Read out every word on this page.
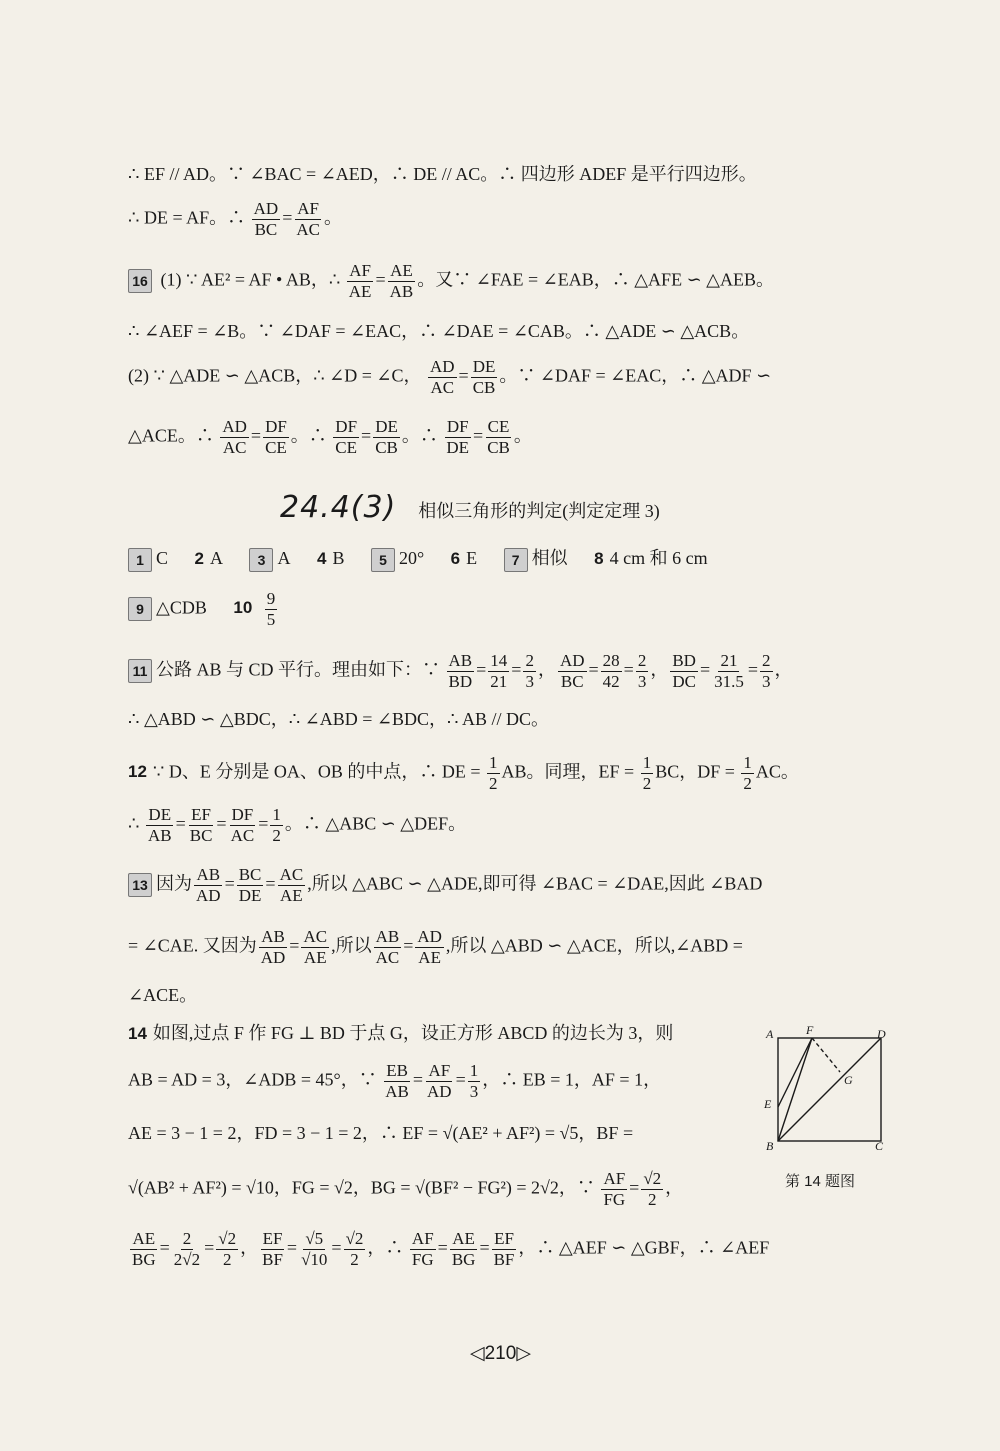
∴ EF // AD。∵ ∠BAC = ∠AED，∴ DE // AC。∴ 四边形 ADEF 是平行四边形。
∴ DE = AF。∴ $\frac{AD}{BC} = \frac{AF}{AC}$ 。
16 (1) ∵ AE² = AF • AB，∴ $\frac{AF}{AE} = \frac{AE}{AB}$ 。又∵ ∠FAE = ∠EAB，∴ △AFE ∽ △AEB。
∴ ∠AEF = ∠B。∵ ∠DAF = ∠EAC，∴ ∠DAE = ∠CAB。∴ △ADE ∽ △ACB。
(2) ∵ △ADE ∽ △ACB，∴ ∠D = ∠C， $\frac{AD}{AC} = \frac{DE}{CB}$ 。∵ ∠DAF = ∠EAC，∴ △ADF ∽
△ACE。∴ $\frac{AD}{AC} = \frac{DF}{CE}$ 。∴ $\frac{DF}{CE} = \frac{DE}{CB}$ 。∴ $\frac{DF}{DE} = \frac{CE}{CB}$ 。
24.4(3) 相似三角形的判定(判定定理 3)
1 C 2 A 3 A 4 B 5 20° 6 E 7 相似 8 4 cm 和 6 cm
9 △CDB $10 \frac{9}{5}$
11 公路 AB 与 CD 平行。理由如下：∵ $\frac{AB}{BD} = \frac{14}{21} = \frac{2}{3}$ ， $\frac{AD}{BC} = \frac{28}{42} = \frac{2}{3}$ ， $\frac{BD}{DC} = \frac{21}{31.5} = \frac{2}{3}$ ，
∴ △ABD ∽ △BDC，∴ ∠ABD = ∠BDC，∴ AB // DC。
12 ∵ D、E 分别是 OA、OB 的中点，∴ DE = $\frac{1}{2}$ AB。同理，EF = $\frac{1}{2}$ BC，DF = $\frac{1}{2}$ AC。
∴ $\frac{DE}{AB} = \frac{EF}{BC} = \frac{DF}{AC} = \frac{1}{2}$ 。∴ △ABC ∽ △DEF。
13 因为 $\frac{AB}{AD} = \frac{BC}{DE} = \frac{AC}{AE}$ ,所以 △ABC ∽ △ADE,即可得 ∠BAC = ∠DAE,因此 ∠BAD
= ∠CAE. 又因为 $\frac{AB}{AD} = \frac{AC}{AE}$ ,所以 $\frac{AB}{AC} = \frac{AD}{AE}$ ,所以 △ABD ∽ △ACE，所以,∠ABD =
∠ACE。
14 如图,过点 F 作 FG ⊥ BD 于点 G，设正方形 ABCD 的边长为 3，则
AB = AD = 3，∠ADB = 45°，∵ $\frac{EB}{AB} = \frac{AF}{AD} = \frac{1}{3}$ ，∴ EB = 1，AF = 1，
AE = 3 − 1 = 2，FD = 3 − 1 = 2，∴ EF = √(AE² + AF²) = √5，BF =
√(AB² + AF²) = √10，FG = √2，BG = √(BF² − FG²) = 2√2，∵ $\frac{AF}{FG} = \frac{√2}{2}$ ，
$\frac{AE}{BG} = \frac{2}{2√2} = \frac{√2}{2}$ ， $\frac{EF}{BF} = \frac{√5}{√10} = \frac{√2}{2}$ ，∴ $\frac{AF}{FG} = \frac{AE}{BG} = \frac{EF}{BF}$ ，∴ △AEF ∽ △GBF，∴ ∠AEF
A	F	D
G
E
B	C
第 14 题图
◁210▷
